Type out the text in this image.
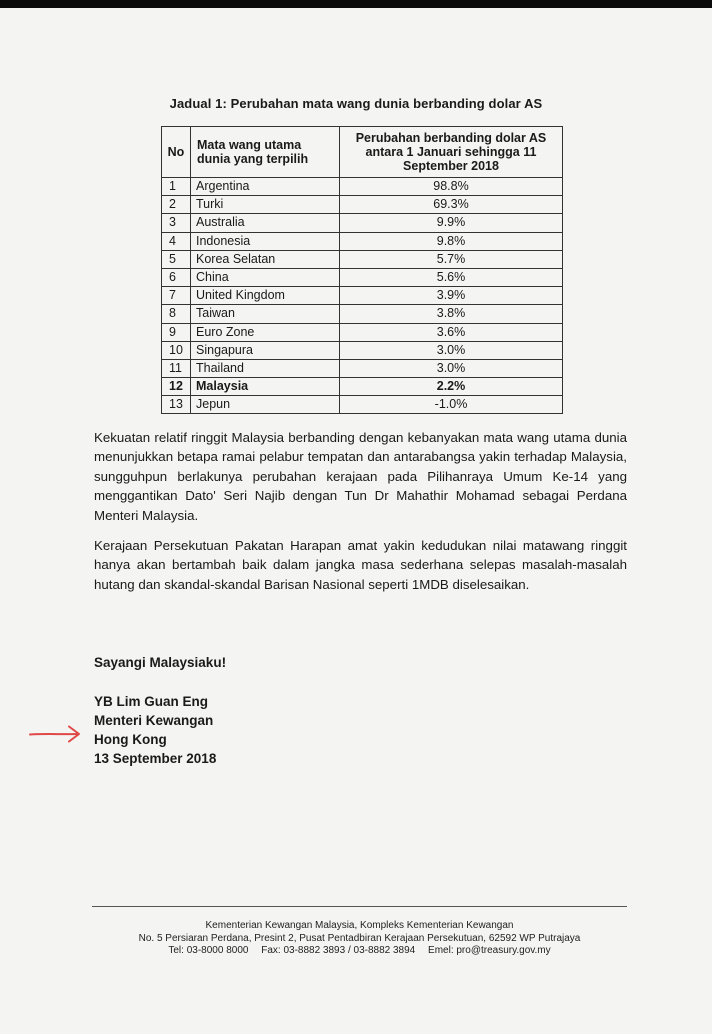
Jadual 1: Perubahan mata wang dunia berbanding dolar AS
No	Mata wang utama dunia yang terpilih	Perubahan berbanding dolar AS antara 1 Januari sehingga 11 September 2018
1	Argentina	98.8%
2	Turki	69.3%
3	Australia	9.9%
4	Indonesia	9.8%
5	Korea Selatan	5.7%
6	China	5.6%
7	United Kingdom	3.9%
8	Taiwan	3.8%
9	Euro Zone	3.6%
10	Singapura	3.0%
11	Thailand	3.0%
12	Malaysia	2.2%
13	Jepun	-1.0%
Kekuatan relatif ringgit Malaysia berbanding dengan kebanyakan mata wang utama dunia menunjukkan betapa ramai pelabur tempatan dan antarabangsa yakin terhadap Malaysia, sungguhpun berlakunya perubahan kerajaan pada Pilihanraya Umum Ke-14 yang menggantikan Dato' Seri Najib dengan Tun Dr Mahathir Mohamad sebagai Perdana Menteri Malaysia.
Kerajaan Persekutuan Pakatan Harapan amat yakin kedudukan nilai matawang ringgit hanya akan bertambah baik dalam jangka masa sederhana selepas masalah-masalah hutang dan skandal-skandal Barisan Nasional seperti 1MDB diselesaikan.
Sayangi Malaysiaku!
YB Lim Guan Eng
Menteri Kewangan
Hong Kong
13 September 2018
Kementerian Kewangan Malaysia, Kompleks Kementerian Kewangan
No. 5 Persiaran Perdana, Presint 2, Pusat Pentadbiran Kerajaan Persekutuan, 62592 WP Putrajaya
Tel: 03-8000 8000 Fax: 03-8882 3893 / 03-8882 3894 Emel: pro@treasury.gov.my
